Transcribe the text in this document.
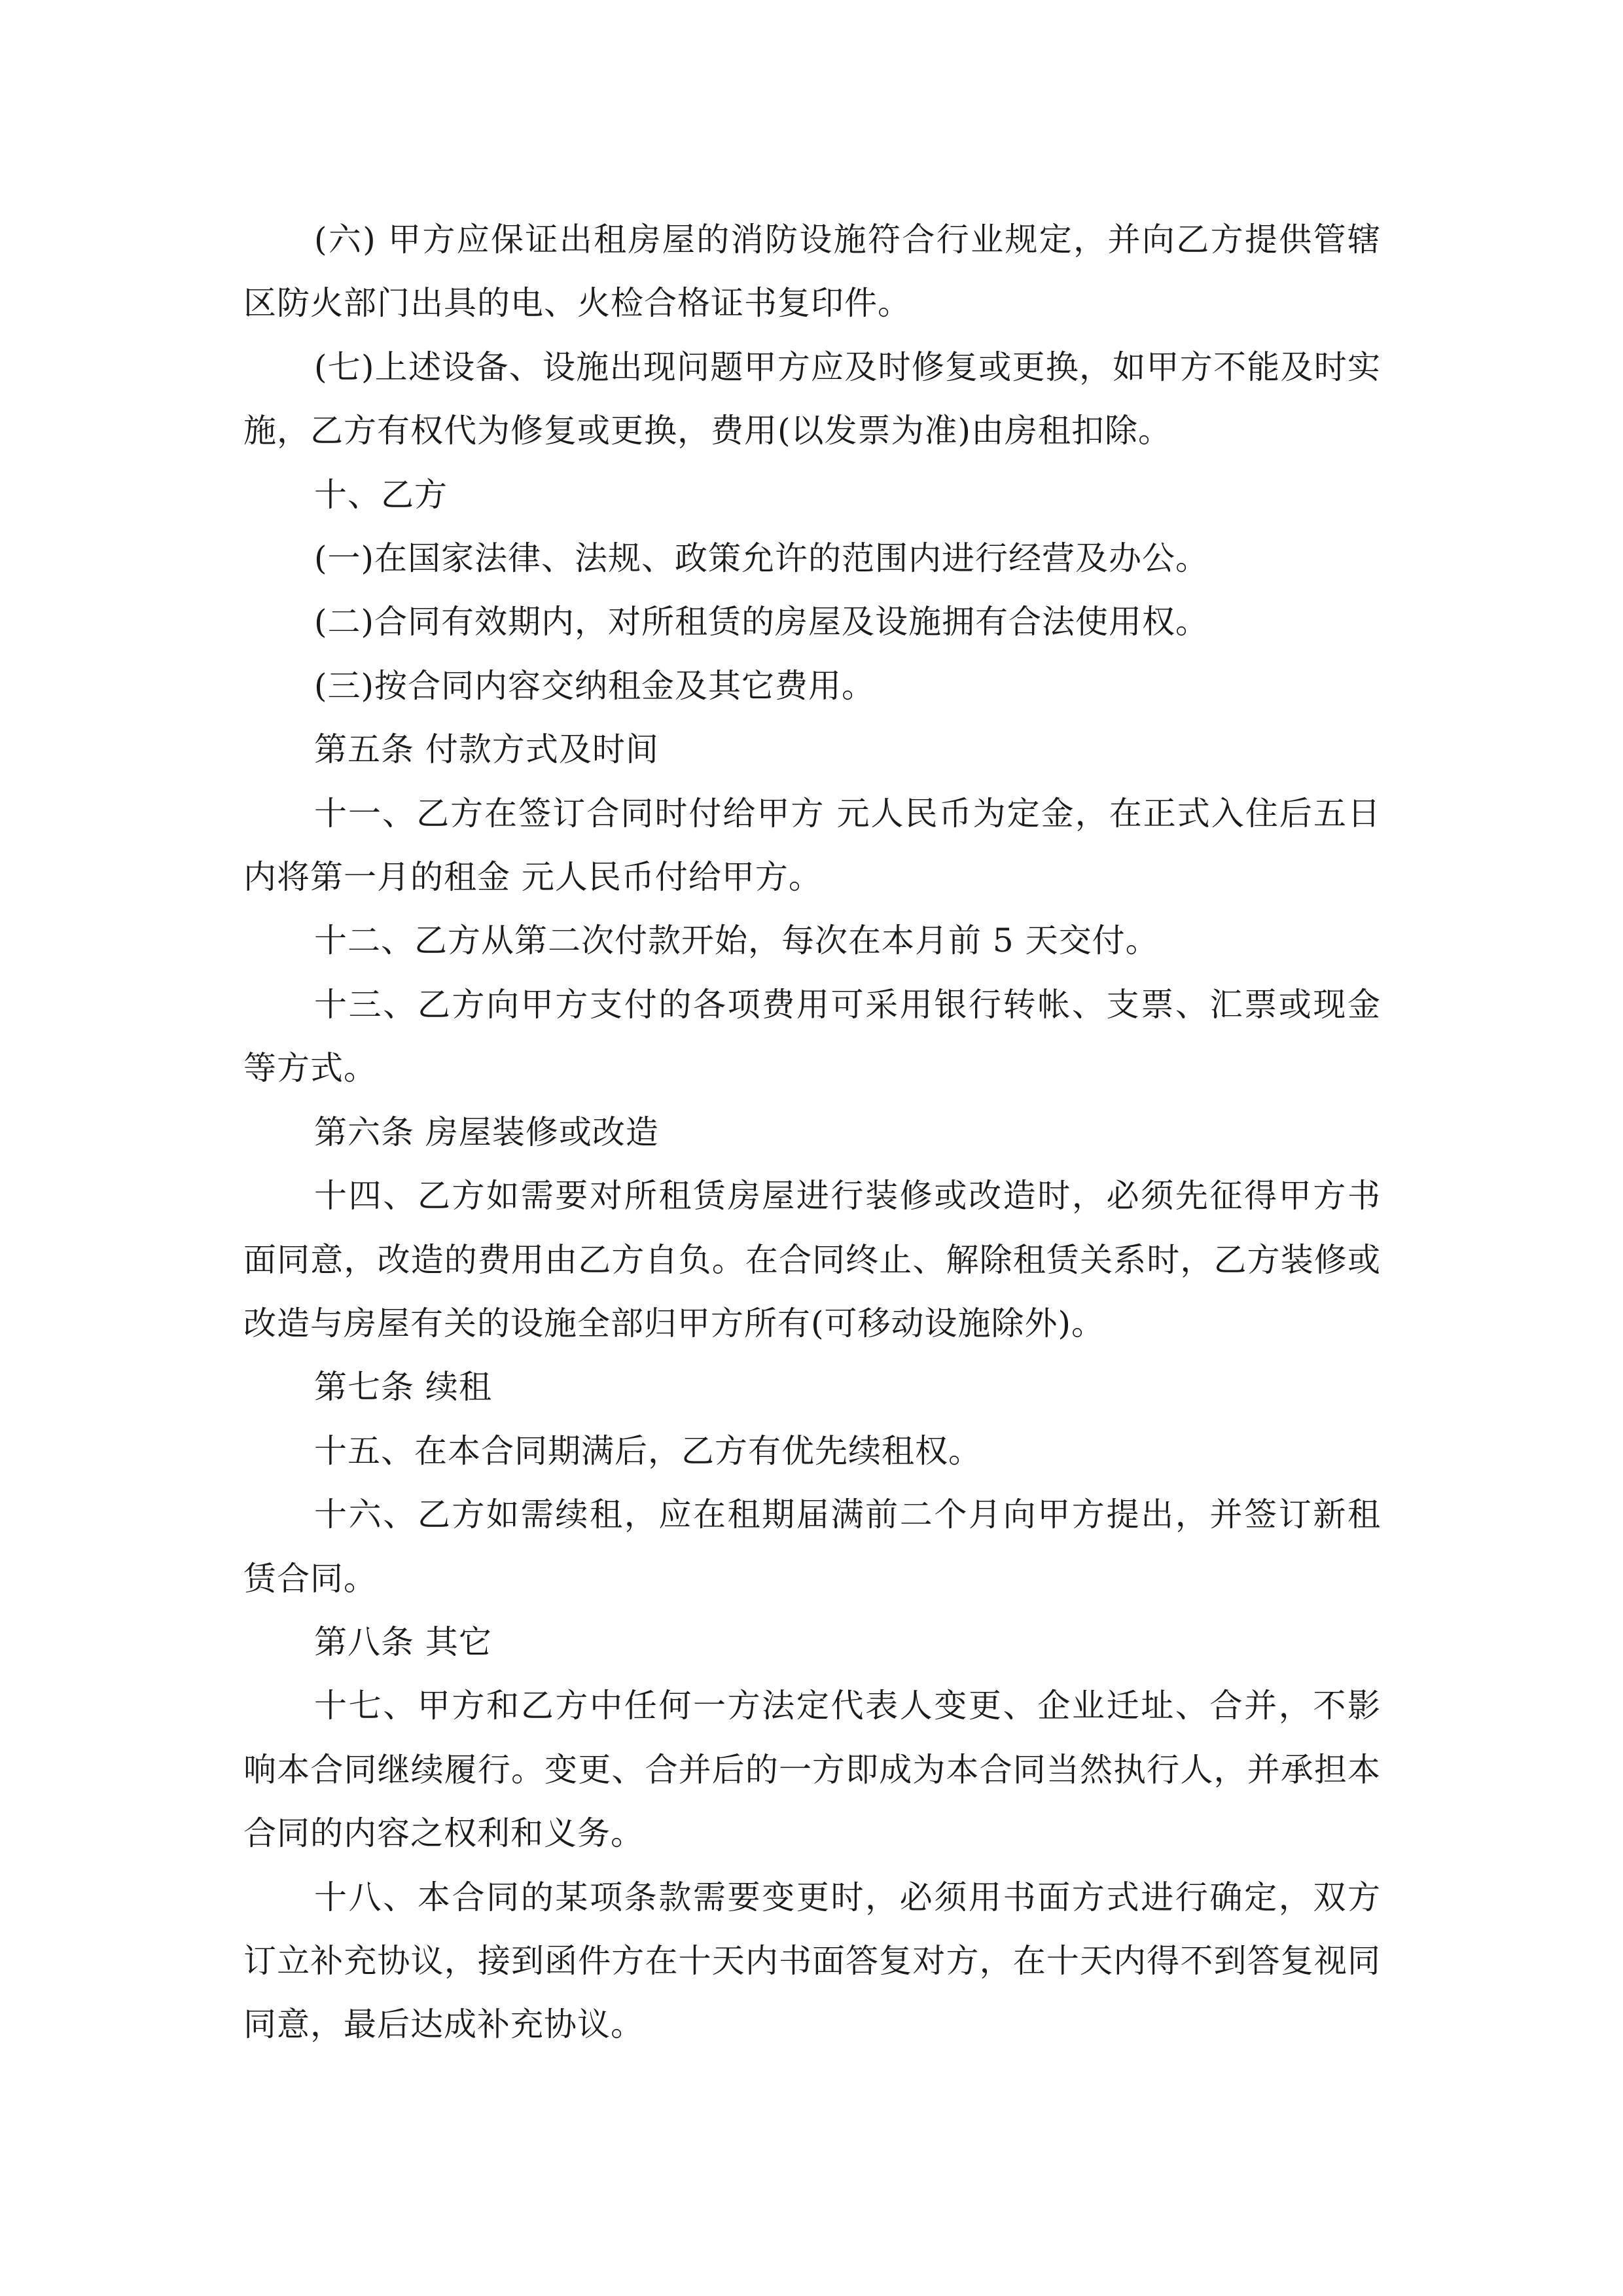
(六) 甲方应保证出租房屋的消防设施符合行业规定，并向乙方提供管辖区防火部门出具的电、火检合格证书复印件。

(七)上述设备、设施出现问题甲方应及时修复或更换，如甲方不能及时实施，乙方有权代为修复或更换，费用(以发票为准)由房租扣除。

十、乙方

(一)在国家法律、法规、政策允许的范围内进行经营及办公。

(二)合同有效期内，对所租赁的房屋及设施拥有合法使用权。

(三)按合同内容交纳租金及其它费用。

第五条 付款方式及时间

十一、乙方在签订合同时付给甲方 元人民币为定金，在正式入住后五日内将第一月的租金 元人民币付给甲方。

十二、乙方从第二次付款开始，每次在本月前 5 天交付。

十三、乙方向甲方支付的各项费用可采用银行转帐、支票、汇票或现金等方式。

第六条 房屋装修或改造

十四、乙方如需要对所租赁房屋进行装修或改造时，必须先征得甲方书面同意，改造的费用由乙方自负。在合同终止、解除租赁关系时，乙方装修或改造与房屋有关的设施全部归甲方所有(可移动设施除外)。

第七条 续租

十五、在本合同期满后，乙方有优先续租权。

十六、乙方如需续租，应在租期届满前二个月向甲方提出，并签订新租赁合同。

第八条 其它

十七、甲方和乙方中任何一方法定代表人变更、企业迁址、合并，不影响本合同继续履行。变更、合并后的一方即成为本合同当然执行人，并承担本合同的内容之权利和义务。

十八、本合同的某项条款需要变更时，必须用书面方式进行确定，双方订立补充协议，接到函件方在十天内书面答复对方，在十天内得不到答复视同同意，最后达成补充协议。
